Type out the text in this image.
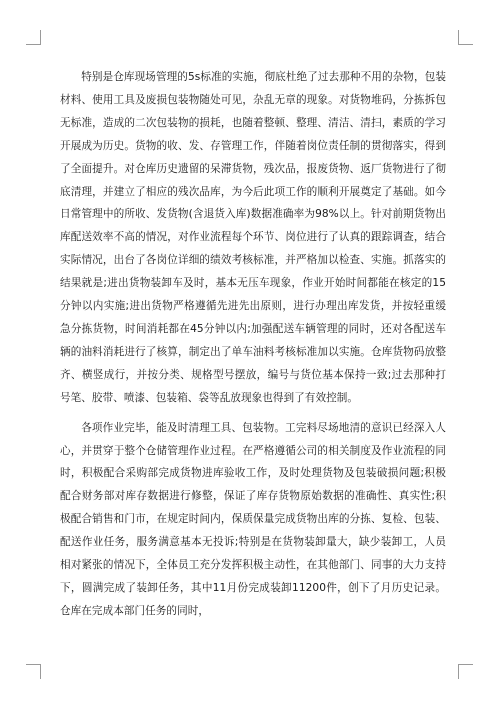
特别是仓库现场管理的5s标准的实施，彻底杜绝了过去那种不用的杂物，包装材料、使用工具及废损包装物随处可见，杂乱无章的现象。对货物堆码，分拣拆包无标准，造成的二次包装物的损耗，也随着整顿、整理、清洁、清扫，素质的学习开展成为历史。货物的收、发、存管理工作，伴随着岗位责任制的贯彻落实，得到了全面提升。对仓库历史遗留的呆滞货物，残次品，报废货物、返厂货物进行了彻底清理，并建立了相应的残次品库，为今后此项工作的顺利开展奠定了基础。如今日常管理中的所收、发货物(含退货入库)数据准确率为98%以上。针对前期货物出库配送效率不高的情况，对作业流程每个环节、岗位进行了认真的跟踪调查，结合实际情况，出台了各岗位详细的绩效考核标准，并严格加以检查、实施。抓落实的结果就是;进出货物装卸车及时，基本无压车现象，作业开始时间都能在核定的15分钟以内实施;进出货物严格遵循先进先出原则，进行办理出库发货，并按轻重缓急分拣货物，时间消耗都在45分钟以内;加强配送车辆管理的同时，还对各配送车辆的油料消耗进行了核算，制定出了单车油料考核标准加以实施。仓库货物码放整齐、横竖成行，并按分类、规格型号摆放，编号与货位基本保持一致;过去那种打号笔、胶带、喷漆、包装箱、袋等乱放现象也得到了有效控制。

各项作业完毕，能及时清理工具、包装物。工完料尽场地清的意识已经深入人心，并贯穿于整个仓储管理作业过程。在严格遵循公司的相关制度及作业流程的同时，积极配合采购部完成货物进库验收工作，及时处理货物及包装破损问题;积极配合财务部对库存数据进行修整，保证了库存货物原始数据的准确性、真实性;积极配合销售和门市，在规定时间内，保质保量完成货物出库的分拣、复检、包装、配送作业任务，服务满意基本无投诉;特别是在货物装卸量大，缺少装卸工，人员相对紧张的情况下，全体员工充分发挥积极主动性，在其他部门、同事的大力支持下，圆满完成了装卸任务，其中11月份完成装卸11200件，创下了月历史记录。仓库在完成本部门任务的同时，
